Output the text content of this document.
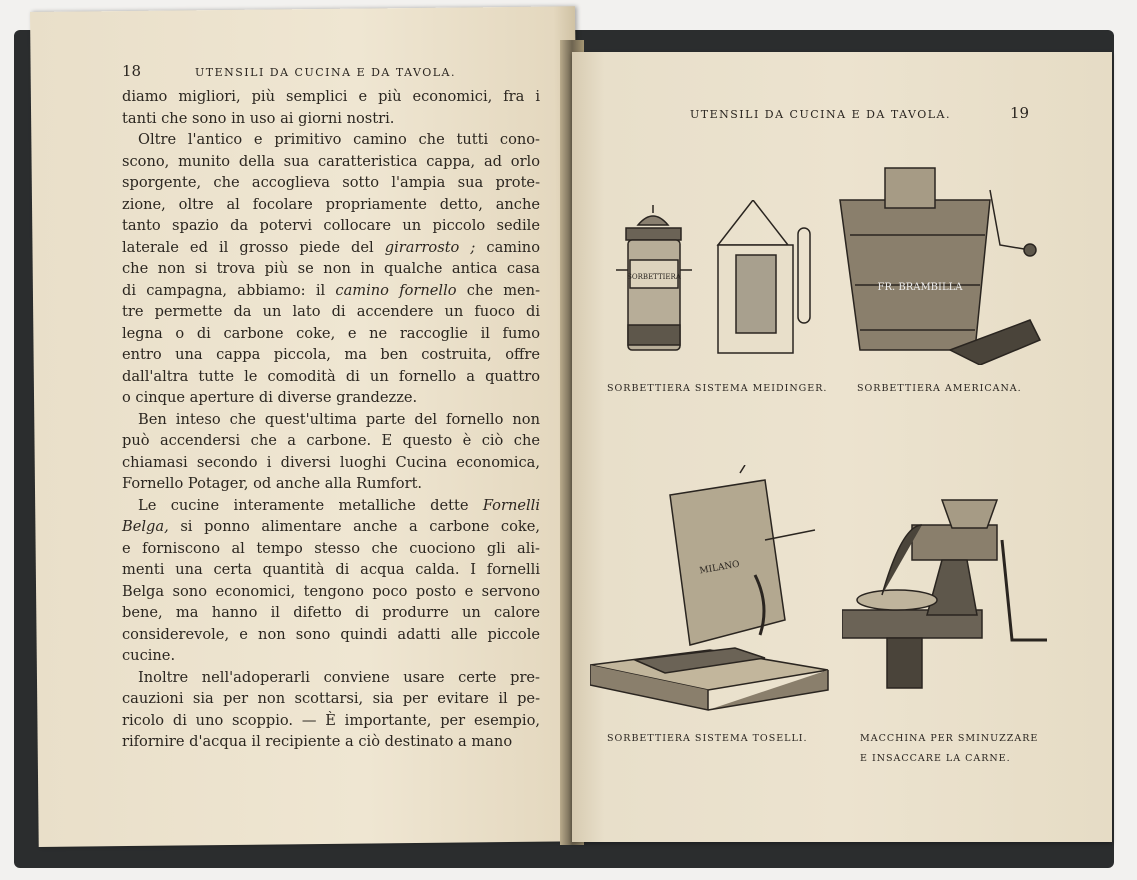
18	UTENSILI DA CUCINA E DA TAVOLA.
diamo migliori, più semplici e più economici, fra i
tanti che sono in uso ai giorni nostri.
Oltre l'antico e primitivo camino che tutti cono-
scono, munito della sua caratteristica cappa, ad orlo
sporgente, che accoglieva sotto l'ampia sua prote-
zione, oltre al focolare propriamente detto, anche
tanto spazio da potervi collocare un piccolo sedile
laterale ed il grosso piede del girarrosto ; camino
che non si trova più se non in qualche antica casa
di campagna, abbiamo: il camino fornello che men-
tre permette da un lato di accendere un fuoco di
legna o di carbone coke, e ne raccoglie il fumo
entro una cappa piccola, ma ben costruita, offre
dall'altra tutte le comodità di un fornello a quattro
o cinque aperture di diverse grandezze.
Ben inteso che quest'ultima parte del fornello non
può accendersi che a carbone. E questo è ciò che
chiamasi secondo i diversi luoghi Cucina economica,
Fornello Potager, od anche alla Rumfort.
Le cucine interamente metalliche dette Fornelli
Belga, si ponno alimentare anche a carbone coke,
e forniscono al tempo stesso che cuociono gli ali-
menti una certa quantità di acqua calda. I fornelli
Belga sono economici, tengono poco posto e servono
bene, ma hanno il difetto di produrre un calore
considerevole, e non sono quindi adatti alle piccole
cucine.
Inoltre nell'adoperarli conviene usare certe pre-
cauzioni sia per non scottarsi, sia per evitare il pe-
ricolo di uno scoppio. — È importante, per esempio,
rifornire d'acqua il recipiente a ciò destinato a mano
UTENSILI DA CUCINA E DA TAVOLA.	19
SORBETTIERA
FR. BRAMBILLA
MILANO
SORBETTIERA SISTEMA MEIDINGER.	SORBETTIERA AMERICANA.
SORBETTIERA SISTEMA TOSELLI.	MACCHINA PER SMINUZZARE
E INSACCARE LA CARNE.
